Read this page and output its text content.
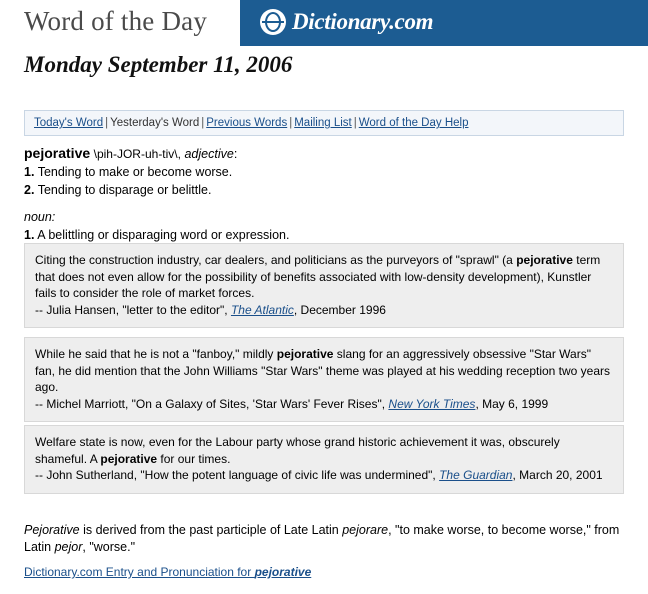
Word of the Day	Dictionary.com
Monday September 11, 2006
Today's Word | Yesterday's Word | Previous Words | Mailing List | Word of the Day Help
pejorative \pih-JOR-uh-tiv\, adjective:
1. Tending to make or become worse.
2. Tending to disparage or belittle.
noun:
1. A belittling or disparaging word or expression.
Citing the construction industry, car dealers, and politicians as the purveyors of "sprawl" (a pejorative term that does not even allow for the possibility of benefits associated with low-density development), Kunstler fails to consider the role of market forces.
-- Julia Hansen, "letter to the editor", The Atlantic, December 1996
While he said that he is not a "fanboy," mildly pejorative slang for an aggressively obsessive "Star Wars" fan, he did mention that the John Williams "Star Wars" theme was played at his wedding reception two years ago.
-- Michel Marriott, "On a Galaxy of Sites, 'Star Wars' Fever Rises", New York Times, May 6, 1999
Welfare state is now, even for the Labour party whose grand historic achievement it was, obscurely shameful. A pejorative for our times.
-- John Sutherland, "How the potent language of civic life was undermined", The Guardian, March 20, 2001
Pejorative is derived from the past participle of Late Latin pejorare, "to make worse, to become worse," from Latin pejor, "worse."
Dictionary.com Entry and Pronunciation for pejorative
